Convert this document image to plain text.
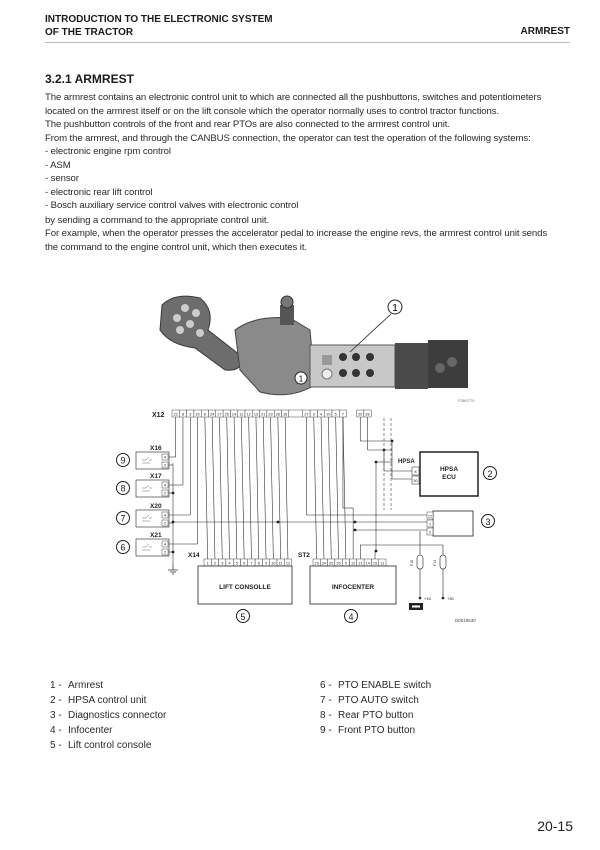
INTRODUCTION TO THE ELECTRONIC SYSTEM
OF THE TRACTOR	ARMREST
3.2.1 ARMREST
The armrest contains an electronic control unit to which are connected all the pushbuttons, switches and potentiometers
located on the armrest itself or on the lift console which the operator normally uses to control tractor functions.
The pushbutton controls of the front and rear PTOs are also connected to the armrest control unit.
From the armrest, and through the CANBUS connection, the operator can test the operation of the following systems:
- electronic engine rpm control
- ASM
- sensor
- electronic rear lift control
- Bosch auxiliary service control valves with electronic control
by sending a command to the appropriate control unit.
For example, when the operator presses the accelerator pedal to increase the engine revs, the armrest control unit sends
the command to the engine control unit, which then executes it.
1
1
P3B0770
X12 22 8 3 15 6 24 17 25 14 11 12 13 21 23 26 16	27 9 4 10 5 7	20 28
X16
4
2
9
X17
4
2
8
X20
4
2
7
X21
4
2
6
HPSA
X
30
HPSA
ECU	2
12
1
2
3
X14
1 2 3 4 5 6 7 8 9 10 11 12
LIFT CONSOLLE
5
ST2
23 24 25 26 5 12 21 14 15 11
INFOCENTER
4
F16	F14
+15	+30
D0019530
1 - Armrest
2 - HPSA control unit
3 - Diagnostics connector
4 - Infocenter
5 - Lift control console
6 - PTO ENABLE switch
7 - PTO AUTO switch
8 - Rear PTO button
9 - Front PTO button
20-15
